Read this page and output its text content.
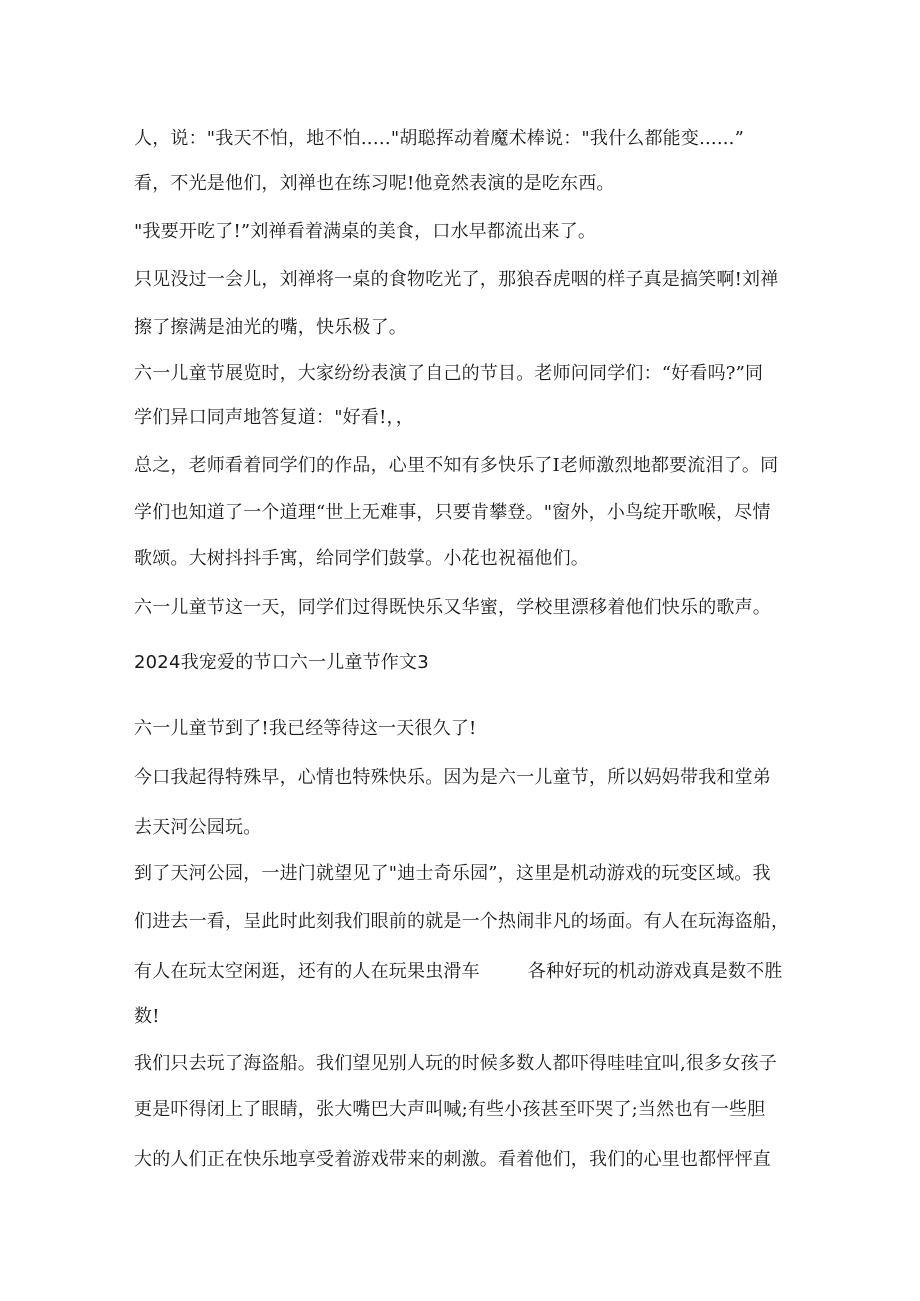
人，说："我天不怕，地不怕..…"胡聪挥动着魔术棒说："我什么都能变......”
看，不光是他们，刘禅也在练习呢!他竟然表演的是吃东西。
"我要开吃了!”刘禅看着满桌的美食，口水早都流出来了。
只见没过一会儿，刘禅将一桌的食物吃光了，那狼吞虎咽的样子真是搞笑啊!刘禅
擦了擦满是油光的嘴，快乐极了。
六一儿童节展览时，大家纷纷表演了自己的节目。老师问同学们：“好看吗?”同
学们异口同声地答复道："好看!，，
总之，老师看着同学们的作品，心里不知有多快乐了I老师激烈地都要流泪了。同
学们也知道了一个道理“世上无难事，只要肯攀登。"窗外，小鸟绽开歌喉，尽情
歌颂。大树抖抖手寓，给同学们鼓掌。小花也祝福他们。
六一儿童节这一天，同学们过得既快乐又华蜜，学校里漂移着他们快乐的歌声。
2024我宠爱的节口六一儿童节作文3
六一儿童节到了!我已经等待这一天很久了!
今口我起得特殊早，心情也特殊快乐。因为是六一儿童节，所以妈妈带我和堂弟
去天河公园玩。
到了天河公园，一进门就望见了"迪士奇乐园”，这里是机动游戏的玩变区域。我
们进去一看，呈此时此刻我们眼前的就是一个热闹非凡的场面。有人在玩海盗船，
有人在玩太空闲逛，还有的人在玩果虫滑车	各种好玩的机动游戏真是数不胜
数!
我们只去玩了海盗船。我们望见别人玩的时候多数人都吓得哇哇宜叫,很多女孩子
更是吓得闭上了眼睛，张大嘴巴大声叫喊;有些小孩甚至吓哭了;当然也有一些胆
大的人们正在快乐地享受着游戏带来的刺激。看着他们，我们的心里也都怦怦直
